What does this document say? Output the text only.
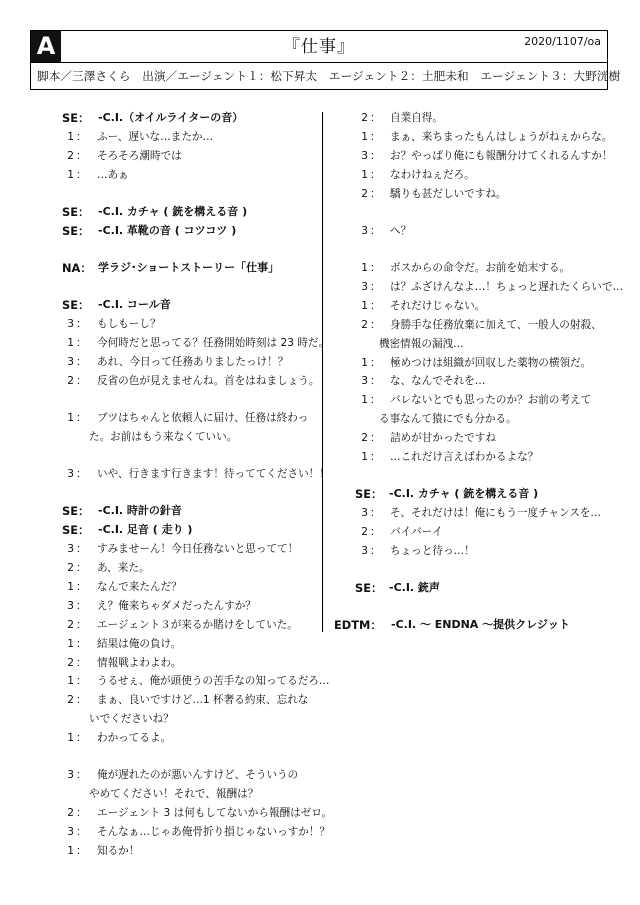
A	『仕事』	2020/1107/oa
脚本／三澤さくら　出演／エージェント１：松下昇太　エージェント２：土肥未和　エージェント３：大野洸樹
SE： -C.I.（オイルライターの音）
1 ： ふー、遅いな…またか…
2 ： そろそろ潮時では
1 ： …あぁ
SE： -C.I. カチャ ( 銃を構える音 )
SE： -C.I. 革靴の音 ( コツコツ )
NA： 学ラジ･ショートストーリー「仕事」
SE： -C.I. コール音
3 ： もしもーし？
1 ： 今何時だと思ってる？任務開始時刻は 23 時だ。
3 ： あれ、今日って任務ありましたっけ！？
2 ： 反省の色が見えませんね。首をはねましょう。
1 ： ブツはちゃんと依頼人に届け、任務は終わっ
た。お前はもう来なくていい。
3 ： いや、行きます行きます！待っててください！！
SE： -C.I. 時計の針音
SE： -C.I. 足音 ( 走り )
3 ： すみませーん！今日任務ないと思ってて！
2 ： あ、来た。
1 ： なんで来たんだ？
3 ： え？俺来ちゃダメだったんすか？
2 ： エージェント３が来るか賭けをしていた。
1 ： 結果は俺の負け。
2 ： 情報戦よわよわ。
1 ： うるせぇ、俺が頭使うの苦手なの知ってるだろ…
2 ： まぁ、良いですけど…1 杯奢る約束、忘れな
いでくださいね？
1 ： わかってるよ。
3 ： 俺が遅れたのが悪いんすけど、そういうの
やめてください！それで、報酬は？
2 ： エージェント 3 は何もしてないから報酬はゼロ。
3 ： そんなぁ…じゃあ俺骨折り損じゃないっすか！？
1 ： 知るか！
2 ： 自業自得。
1 ： まぁ、来ちまったもんはしょうがねぇからな。
3 ： お？やっぱり俺にも報酬分けてくれるんすか！
1 ： なわけねぇだろ。
2 ： 驕りも甚だしいですね。
3 ： へ？
1 ： ボスからの命令だ。お前を始末する。
3 ： は？ふざけんなよ…！ちょっと遅れたくらいで…
1 ： それだけじゃない。
2 ： 身勝手な任務放棄に加えて、一般人の射殺、
機密情報の漏洩…
1 ： 極めつけは組織が回収した薬物の横領だ。
3 ： な、なんでそれを…
1 ： バレないとでも思ったのか？お前の考えて
る事なんて猿にでも分かる。
2 ： 詰めが甘かったですね
1 ： …これだけ言えばわかるよな？
SE： -C.I. カチャ ( 銃を構える音 )
3 ： そ、それだけは！俺にもう一度チャンスを…
2 ： バイバーイ
3 ： ちょっと待っ…！
SE： -C.I. 銃声
EDTM： -C.I. ～ ENDNA ～提供クレジット
